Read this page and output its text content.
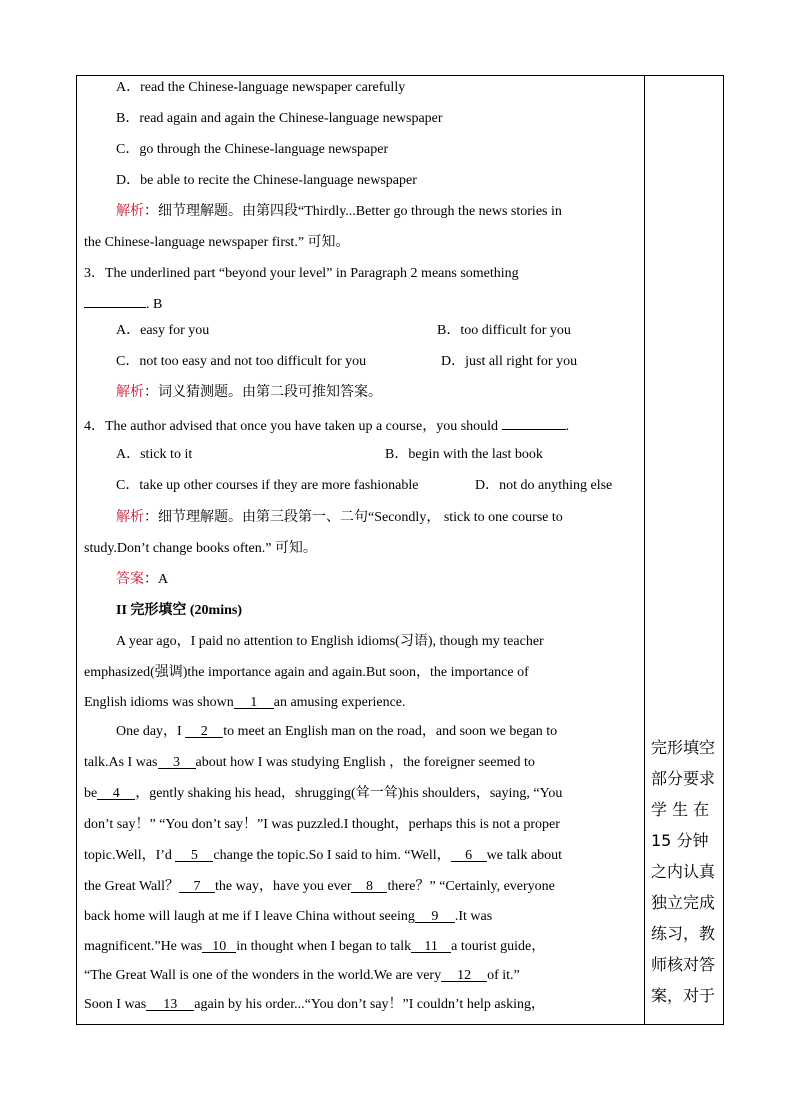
A．read the Chinese-language newspaper carefully
B．read again and again the Chinese-language newspaper
C．go through the Chinese-language newspaper
D．be able to recite the Chinese-language newspaper
解析：细节理解题。由第四段“Thirdly...Better go through the news stories in
the Chinese-language newspaper first.” 可知。
3．The underlined part “beyond your level” in Paragraph 2 means something
. B
A．easy for you	B．too difficult for you
C．not too easy and not too difficult for you	D．just all right for you
解析：词义猜测题。由第二段可推知答案。
4．The author advised that once you have taken up a course，you should	.
A．stick to it	B．begin with the last book
C．take up other courses if they are more fashionable	D．not do anything else
解析：细节理解题。由第三段第一、二句“Secondly， stick to one course to
study.Don’t change books often.” 可知。
答案：A
II 完形填空 (20mins)
A year ago，I paid no attention to English idioms(习语), though my teacher
emphasized(强调)the importance again and again.But soon，the importance of
English idioms was shown 1 an amusing experience.
One day，I 2 to meet an English man on the road，and soon we began to
talk.As I was 3 about how I was studying English ，the foreigner seemed to
be 4 ，gently shaking his head，shrugging(耸一耸)his shoulders，saying, “You
don’t say！” “You don’t say！”I was puzzled.I thought，perhaps this is not a proper
topic.Well，I’d 5 change the topic.So I said to him. “Well， 6 we talk about
the Great Wall？ 7 the way，have you ever 8 there？” “Certainly, everyone
back home will laugh at me if I leave China without seeing 9 .It was
magnificent.”He was 10 in thought when I began to talk 11 a tourist guide，
“The Great Wall is one of the wonders in the world.We are very 12 of it.”
Soon I was 13 again by his order...“You don’t say！”I couldn’t help asking，
完形填空
部分要求
学 生 在
15 分钟
之内认真
独立完成
练习，教
师核对答
案，对于
